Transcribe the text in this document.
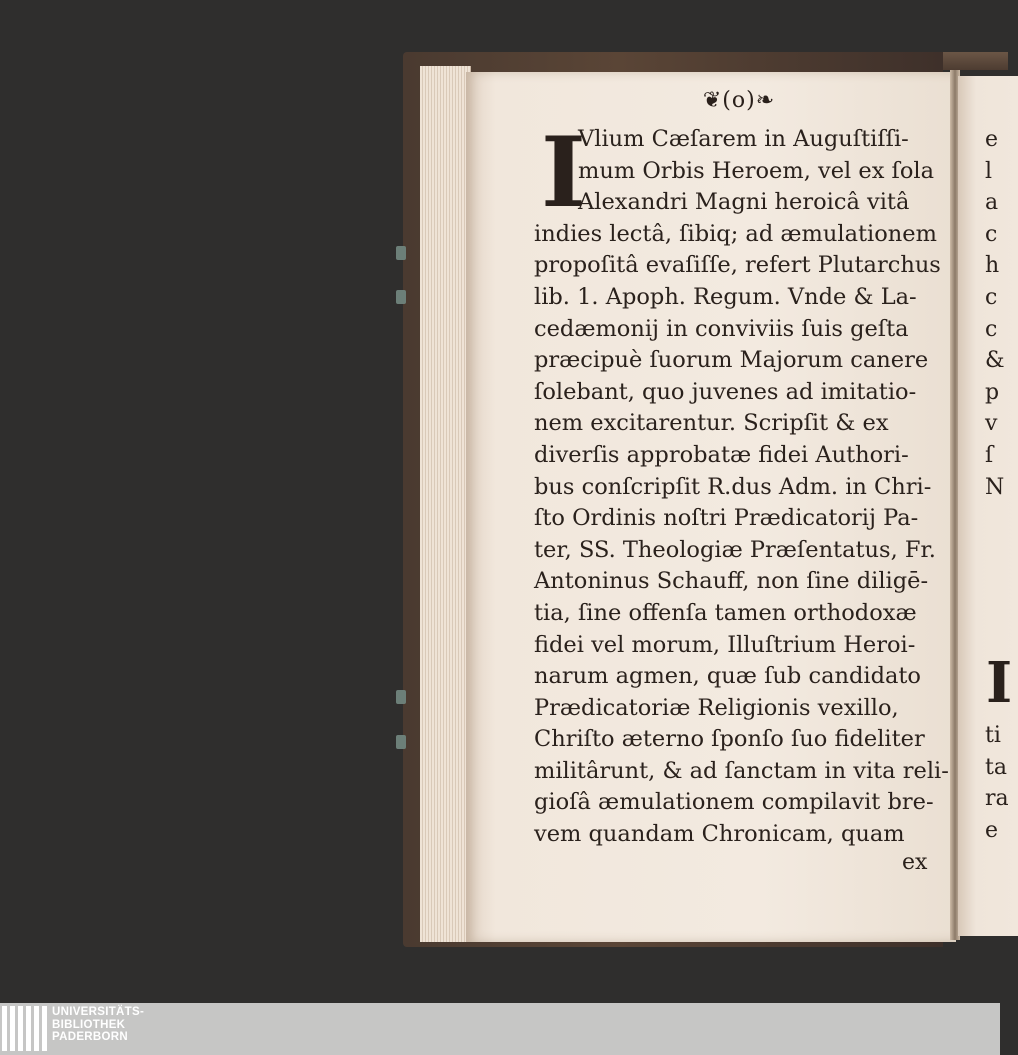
❦(o)❧
I
Vlium Cæſarem in Auguſtiſſi-
mum Orbis Heroem, vel ex ſola
Alexandri Magni heroicâ vitâ
indies lectâ, ſibiq; ad æmulationem
propoſitâ evaſiſſe, refert Plutarchus
lib. 1. Apoph. Regum. Vnde & La-
cedæmonij in conviviis ſuis geſta
præcipuè ſuorum Majorum canere
ſolebant, quo juvenes ad imitatio-
nem excitarentur. Scripſit & ex
diverſis approbatæ fidei Authori-
bus conſcripſit R.dus Adm. in Chri-
ſto Ordinis noſtri Prædicatorij Pa-
ter, SS. Theologiæ Præſentatus, Fr.
Antoninus Schauff, non ſine diligē-
tia, ſine offenſa tamen orthodoxæ
fidei vel morum, Illuſtrium Heroi-
narum agmen, quæ ſub candidato
Prædicatoriæ Religionis vexillo,
Chriſto æterno ſponſo ſuo fideliter
militârunt, & ad ſanctam in vita reli-
gioſâ æmulationem compilavit bre-
vem quandam Chronicam, quam
ex
e
l
a
c
h
c
c
&
p
v
ſ
N
I
ti
ta
ra
e
UNIVERSITÄTS-
BIBLIOTHEK
PADERBORN
